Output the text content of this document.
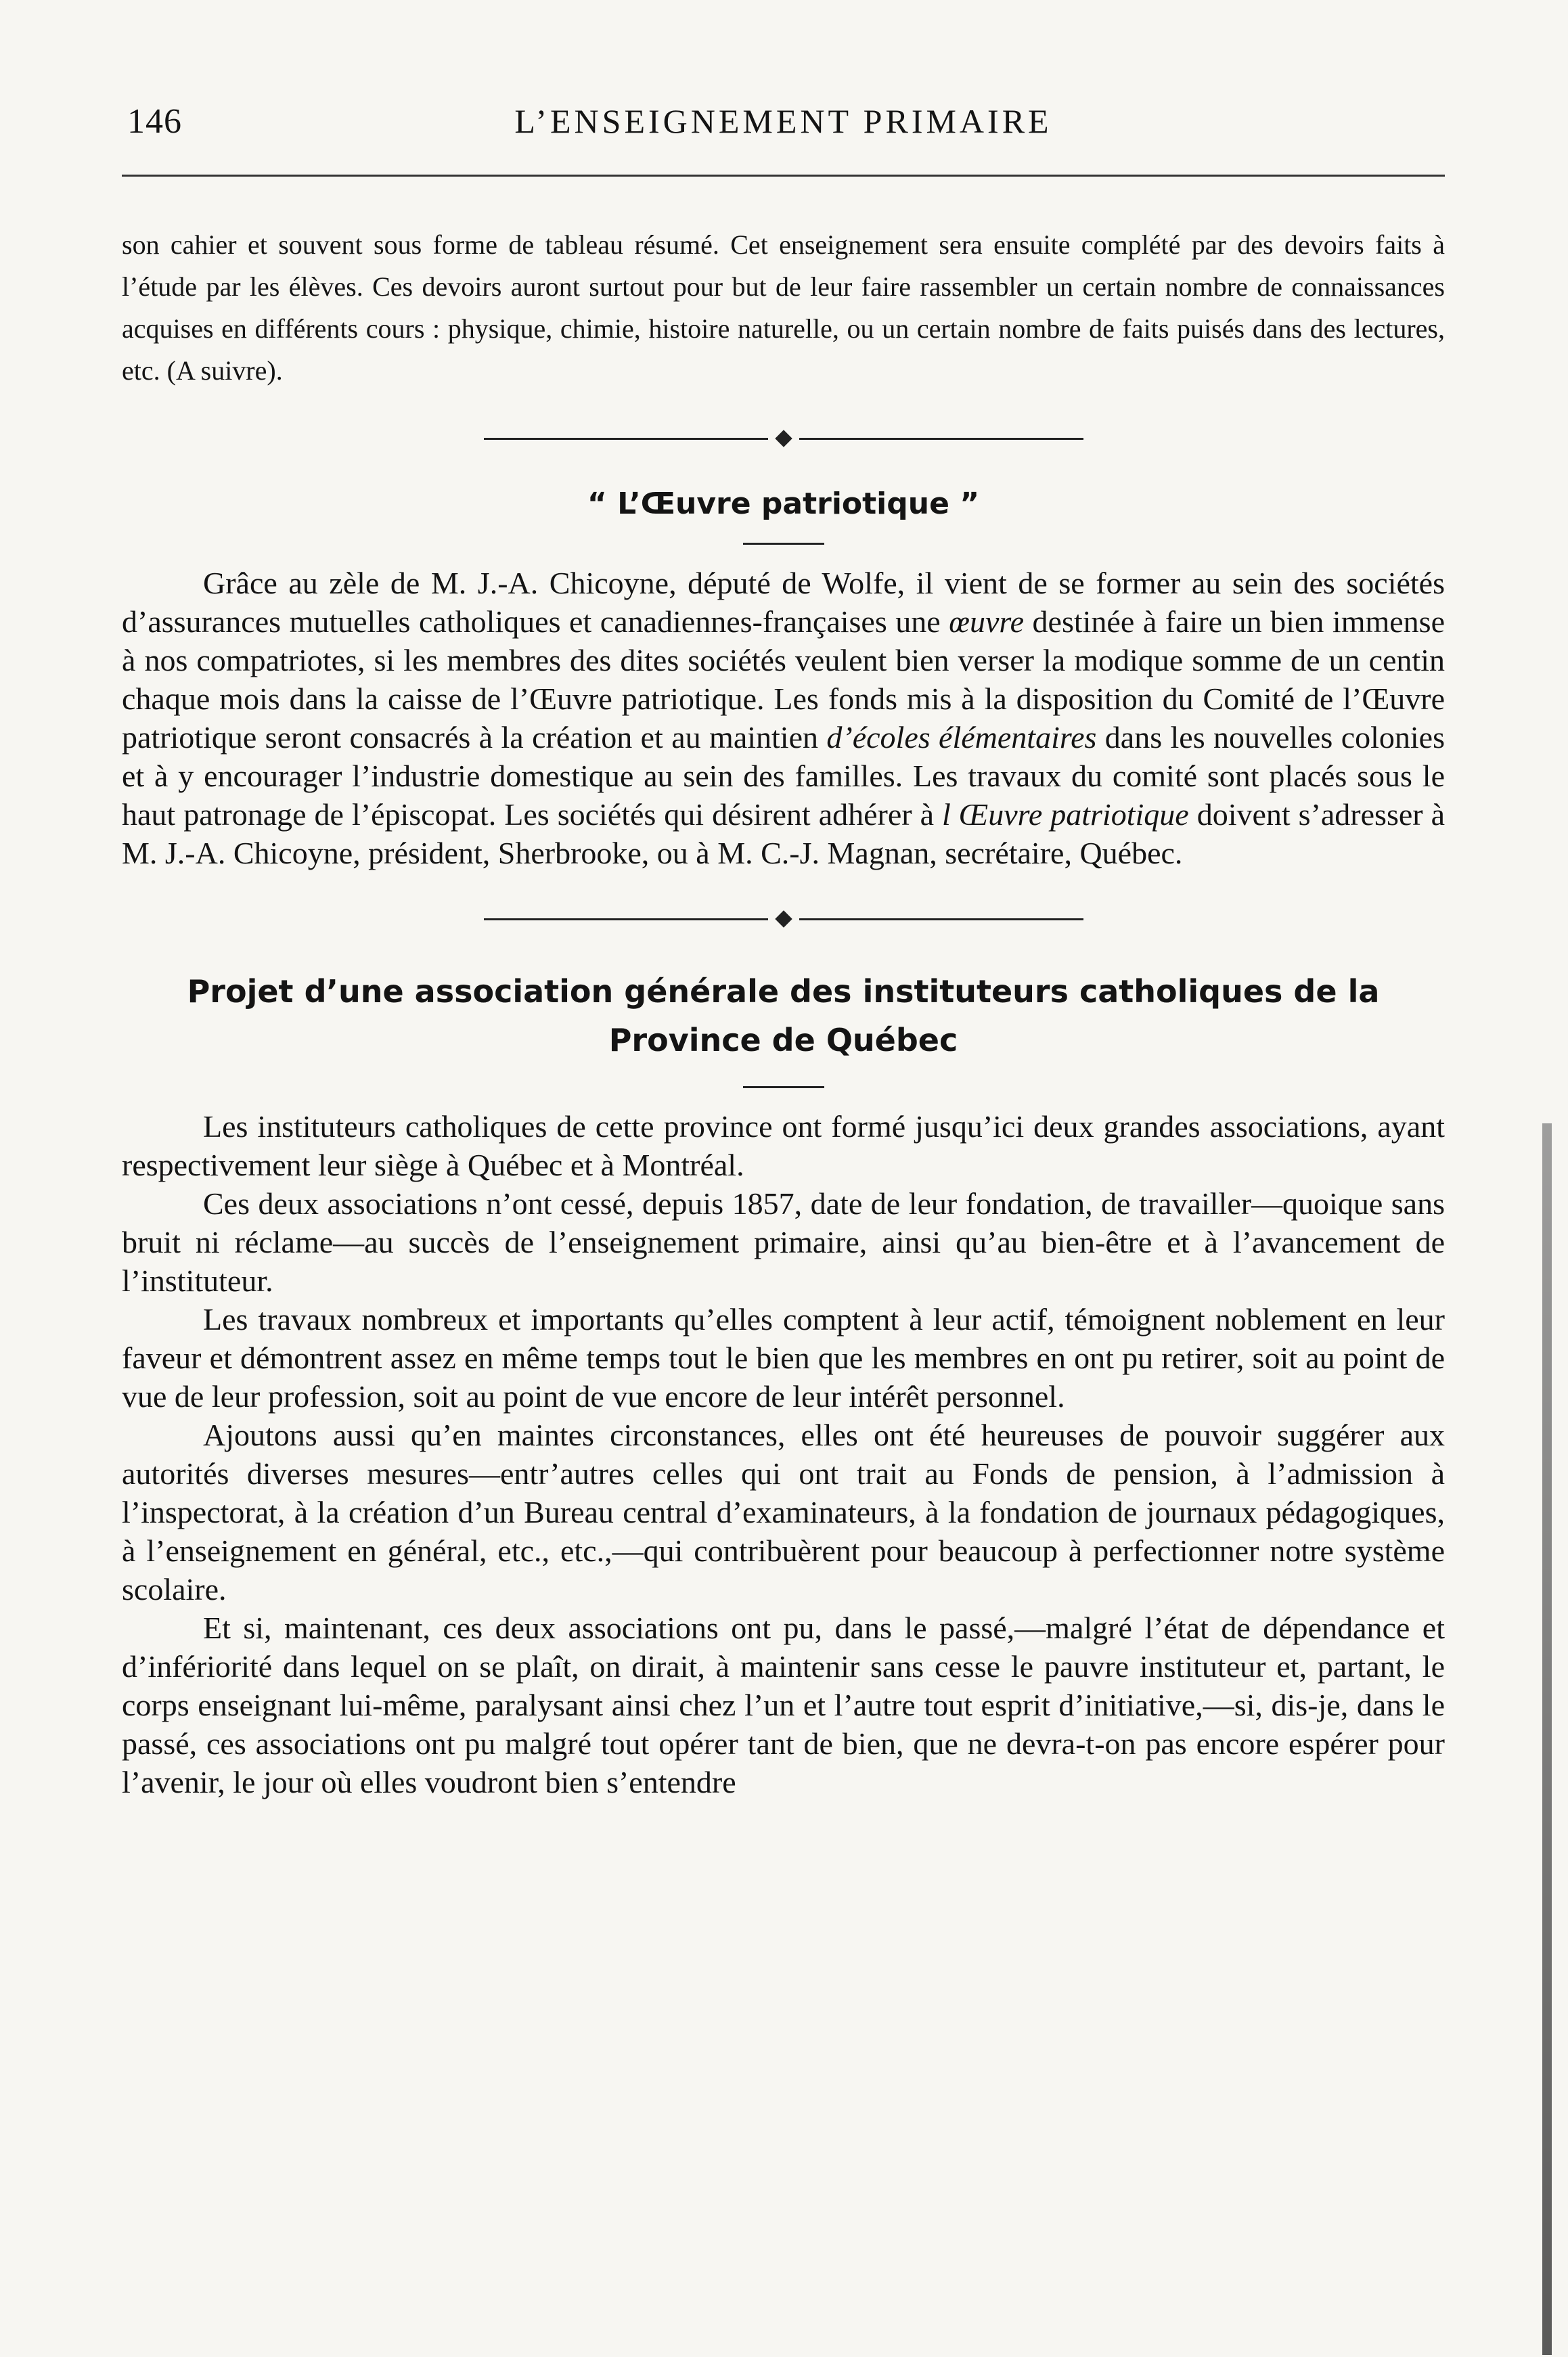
146	L’ENSEIGNEMENT PRIMAIRE
son cahier et souvent sous forme de tableau résumé. Cet enseignement sera ensuite complété par des devoirs faits à l’étude par les élèves. Ces devoirs auront surtout pour but de leur faire rassembler un certain nombre de connaissances acquises en différents cours : physique, chimie, histoire naturelle, ou un certain nombre de faits puisés dans des lectures, etc. (A suivre).
“ L’Œuvre patriotique ”

Grâce au zèle de M. J.-A. Chicoyne, député de Wolfe, il vient de se former au sein des sociétés d’assurances mutuelles catholiques et canadiennes-françaises une œuvre destinée à faire un bien immense à nos compatriotes, si les membres des dites sociétés veulent bien verser la modique somme de un centin chaque mois dans la caisse de l’Œuvre patriotique. Les fonds mis à la disposition du Comité de l’Œuvre patriotique seront consacrés à la création et au maintien d’écoles élémentaires dans les nouvelles colonies et à y encourager l’industrie domestique au sein des familles. Les travaux du comité sont placés sous le haut patronage de l’épiscopat. Les sociétés qui désirent adhérer à l Œuvre patriotique doivent s’adresser à M. J.-A. Chicoyne, président, Sherbrooke, ou à M. C.-J. Magnan, secrétaire, Québec.

Projet d’une association générale des instituteurs catholiques de la
Province de Québec

Les instituteurs catholiques de cette province ont formé jusqu’ici deux grandes associations, ayant respectivement leur siège à Québec et à Montréal.

Ces deux associations n’ont cessé, depuis 1857, date de leur fondation, de travailler—quoique sans bruit ni réclame—au succès de l’enseignement primaire, ainsi qu’au bien-être et à l’avancement de l’instituteur.

Les travaux nombreux et importants qu’elles comptent à leur actif, témoignent noblement en leur faveur et démontrent assez en même temps tout le bien que les membres en ont pu retirer, soit au point de vue de leur profession, soit au point de vue encore de leur intérêt personnel.

Ajoutons aussi qu’en maintes circonstances, elles ont été heureuses de pouvoir suggérer aux autorités diverses mesures—entr’autres celles qui ont trait au Fonds de pension, à l’admission à l’inspectorat, à la création d’un Bureau central d’examinateurs, à la fondation de journaux pédagogiques, à l’enseignement en général, etc., etc.,—qui contribuèrent pour beaucoup à perfectionner notre système scolaire.

Et si, maintenant, ces deux associations ont pu, dans le passé,—malgré l’état de dépendance et d’infériorité dans lequel on se plaît, on dirait, à maintenir sans cesse le pauvre instituteur et, partant, le corps enseignant lui-même, paralysant ainsi chez l’un et l’autre tout esprit d’initiative,—si, dis-je, dans le passé, ces associations ont pu malgré tout opérer tant de bien, que ne devra-t-on pas encore espérer pour l’avenir, le jour où elles voudront bien s’entendre
